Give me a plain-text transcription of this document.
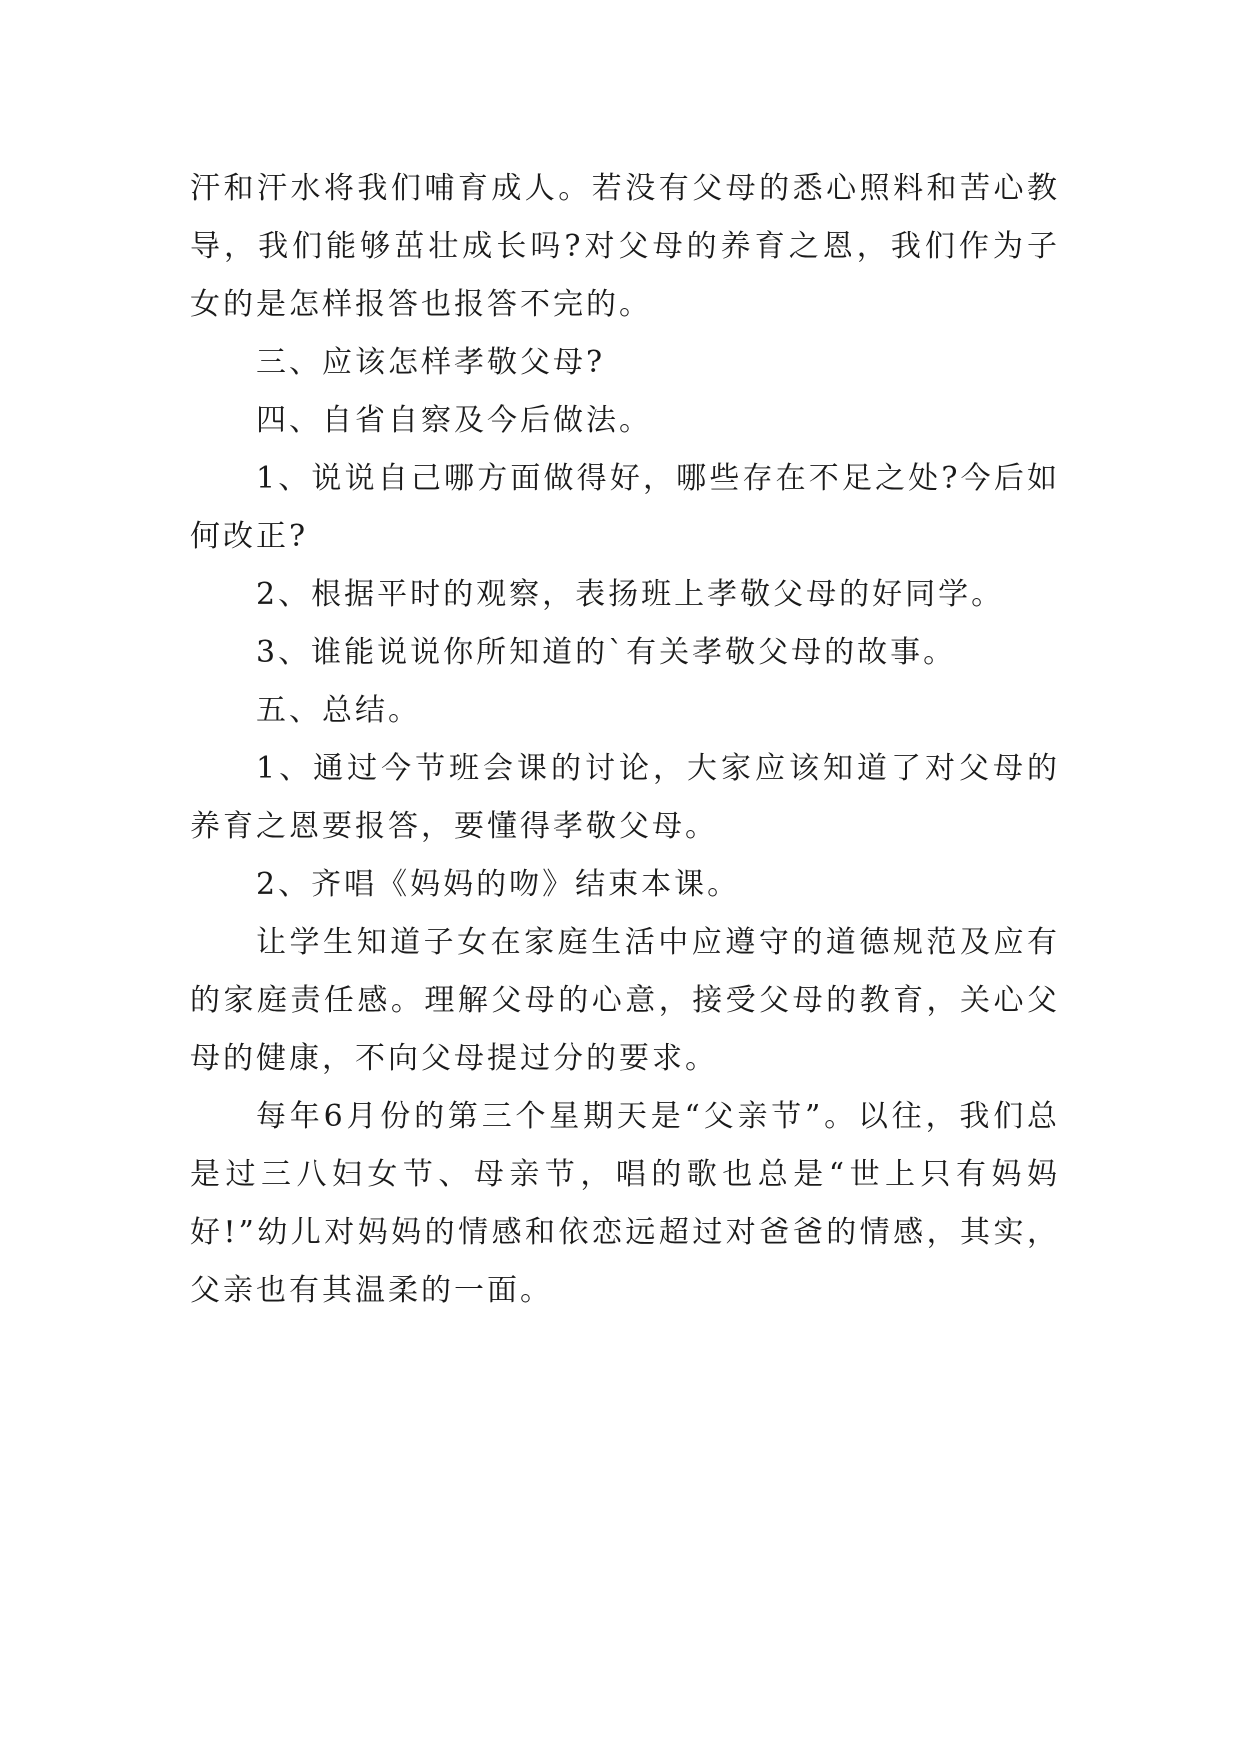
汗和汗水将我们哺育成人。若没有父母的悉心照料和苦心教导，我们能够茁壮成长吗?对父母的养育之恩，我们作为子女的是怎样报答也报答不完的。

三、应该怎样孝敬父母?

四、自省自察及今后做法。

1、说说自己哪方面做得好，哪些存在不足之处?今后如何改正?

2、根据平时的观察，表扬班上孝敬父母的好同学。

3、谁能说说你所知道的`有关孝敬父母的故事。

五、总结。

1、通过今节班会课的讨论，大家应该知道了对父母的养育之恩要报答，要懂得孝敬父母。

2、齐唱《妈妈的吻》结束本课。

让学生知道子女在家庭生活中应遵守的道德规范及应有的家庭责任感。理解父母的心意，接受父母的教育，关心父母的健康，不向父母提过分的要求。

每年6月份的第三个星期天是“父亲节”。以往，我们总是过三八妇女节、母亲节，唱的歌也总是“世上只有妈妈好!”幼儿对妈妈的情感和依恋远超过对爸爸的情感，其实，父亲也有其温柔的一面。
